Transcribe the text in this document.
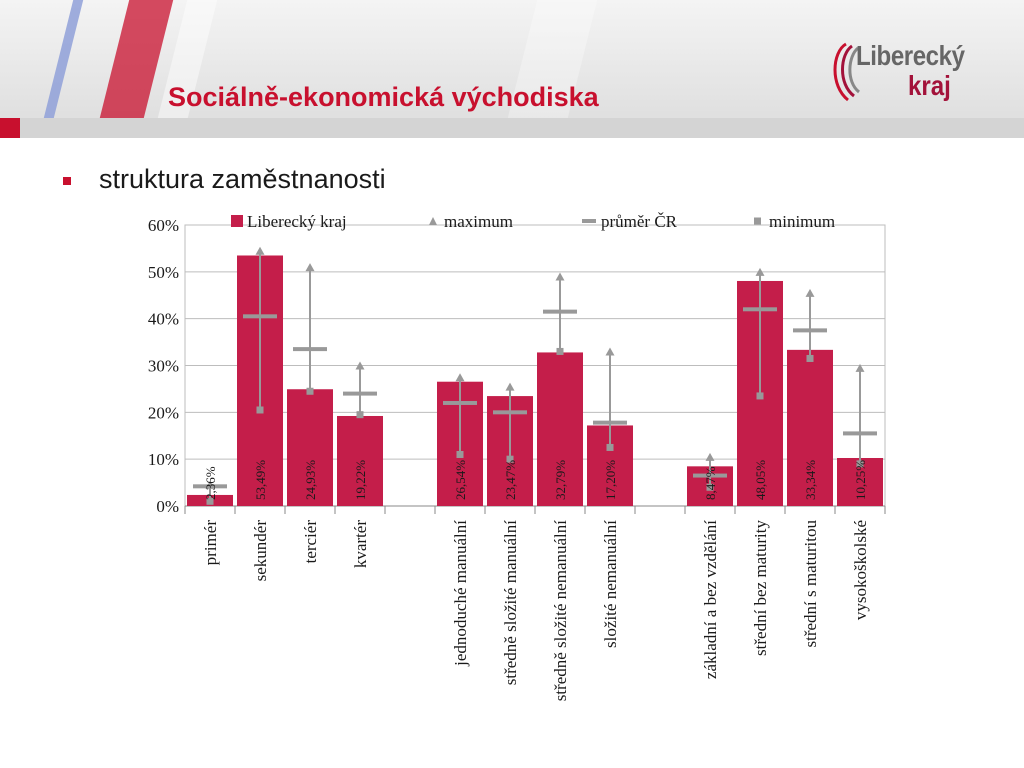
Sociálně-ekonomická východiska
Liberecký
kraj
struktura zaměstnanosti
0%
10%
20%
30%
40%
50%
60%
2,36%
primér
53,49%
sekundér
24,93%
terciér
19,22%
kvartér
26,54%
jednoduché manuální
23,47%
středně složité manuální
32,79%
středně složité nemanuální
17,20%
složité nemanuální
8,47%
základní a bez vzdělání
48,05%
střední bez maturity
33,34%
střední s maturitou
10,25%
vysokoškolské
Liberecký kraj	maximum	průměr ČR	minimum
